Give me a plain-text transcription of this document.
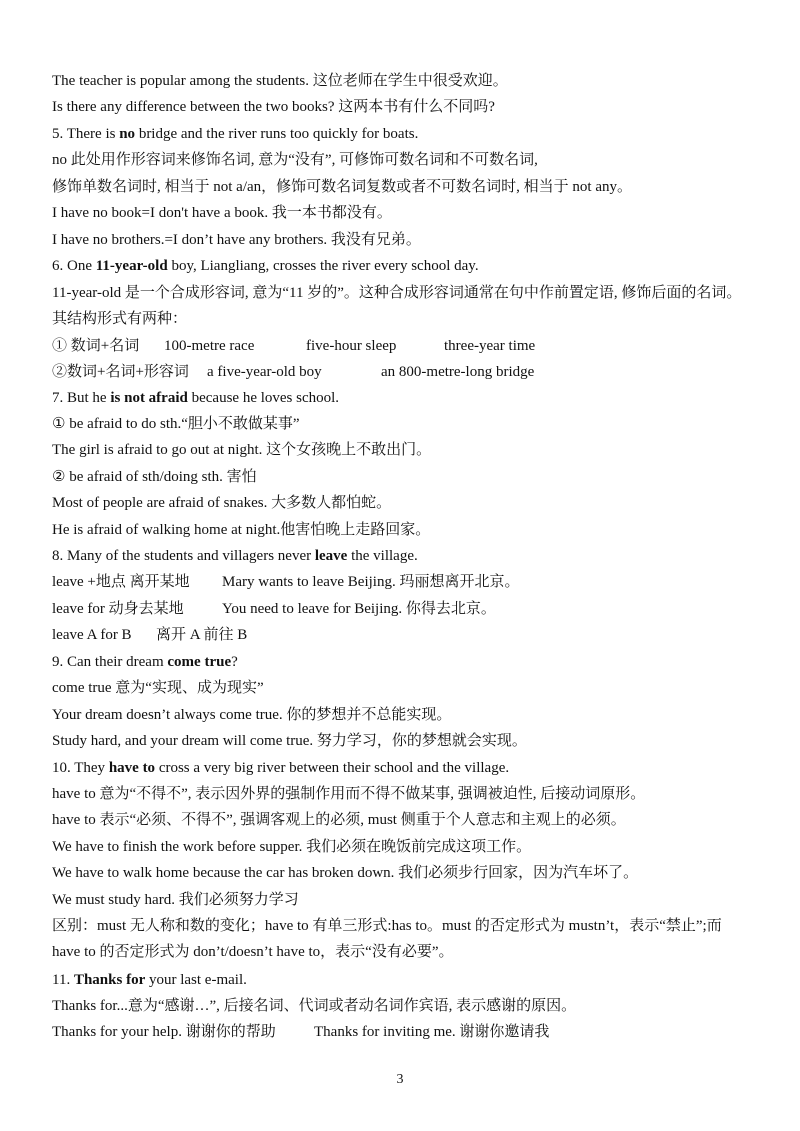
The teacher is popular among the students. 这位老师在学生中很受欢迎。
Is there any difference between the two books? 这两本书有什么不同吗?
5. There is no bridge and the river runs too quickly for boats.
no 此处用作形容词来修饰名词, 意为“没有”, 可修饰可数名词和不可数名词,
修饰单数名词时, 相当于 not a/an，修饰可数名词复数或者不可数名词时, 相当于 not any。
I have no book=I don't have a book. 我一本书都没有。
I have no brothers.=I don’t have any brothers. 我没有兄弟。
6. One 11-year-old boy, Liangliang, crosses the river every school day.
11-year-old 是一个合成形容词, 意为“11 岁的”。这种合成形容词通常在句中作前置定语, 修饰后面的名词。其结构形式有两种：
① 数词+名词 100-metre race	five-hour sleep	three-year time
②数词+名词+形容词 a five-year-old boy	an 800-metre-long bridge
7. But he is not afraid because he loves school.
① be afraid to do sth.“胆小不敢做某事”
The girl is afraid to go out at night. 这个女孩晚上不敢出门。
② be afraid of sth/doing sth. 害怕
Most of people are afraid of snakes. 大多数人都怕蛇。
He is afraid of walking home at night.他害怕晚上走路回家。
8. Many of the students and villagers never leave the village.
leave +地点 离开某地 Mary wants to leave Beijing. 玛丽想离开北京。
leave for 动身去某地	You need to leave for Beijing. 你得去北京。
leave A for B 离开 A 前往 B
9. Can their dream come true?
come true 意为“实现、成为现实”
Your dream doesn’t always come true. 你的梦想并不总能实现。
Study hard, and your dream will come true. 努力学习，你的梦想就会实现。
10. They have to cross a very big river between their school and the village.
have to 意为“不得不”, 表示因外界的强制作用而不得不做某事, 强调被迫性, 后接动词原形。
have to 表示“必须、不得不”, 强调客观上的必须, must 侧重于个人意志和主观上的必须。
We have to finish the work before supper. 我们必须在晚饭前完成这项工作。
We have to walk home because the car has broken down. 我们必须步行回家，因为汽车坏了。
We must study hard. 我们必须努力学习
区别：must 无人称和数的变化；have to 有单三形式:has to。must 的否定形式为 mustn’t，表示“禁止”;而 have to 的否定形式为 don’t/doesn’t have to，表示“没有必要”。
11. Thanks for your last e-mail.
Thanks for...意为“感谢…”, 后接名词、代词或者动名词作宾语, 表示感谢的原因。
Thanks for your help. 谢谢你的帮助	Thanks for inviting me. 谢谢你邀请我
3
